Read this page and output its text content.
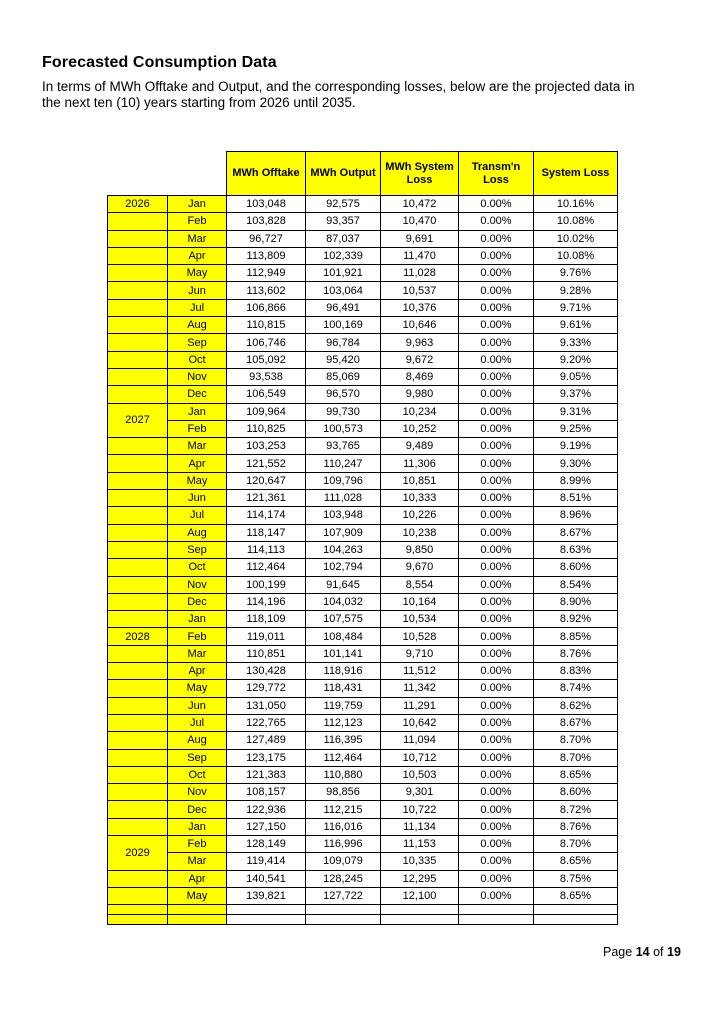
Forecasted Consumption Data

In terms of MWh Offtake and Output, and the corresponding losses, below are the projected data in
the next ten (10) years starting from 2026 until 2035.

		MWh Offtake	MWh Output	MWh System Loss	Transm'n Loss	System Loss
2026	Jan	103,048	92,575	10,472	0.00%	10.16%
	Feb	103,828	93,357	10,470	0.00%	10.08%
	Mar	96,727	87,037	9,691	0.00%	10.02%
	Apr	113,809	102,339	11,470	0.00%	10.08%
	May	112,949	101,921	11,028	0.00%	9.76%
	Jun	113,602	103,064	10,537	0.00%	9.28%
	Jul	106,866	96,491	10,376	0.00%	9.71%
	Aug	110,815	100,169	10,646	0.00%	9.61%
	Sep	106,746	96,784	9,963	0.00%	9.33%
	Oct	105,092	95,420	9,672	0.00%	9.20%
	Nov	93,538	85,069	8,469	0.00%	9.05%
	Dec	106,549	96,570	9,980	0.00%	9.37%
2027	Jan	109,964	99,730	10,234	0.00%	9.31%
	Feb	110,825	100,573	10,252	0.00%	9.25%
	Mar	103,253	93,765	9,489	0.00%	9.19%
	Apr	121,552	110,247	11,306	0.00%	9.30%
	May	120,647	109,796	10,851	0.00%	8.99%
	Jun	121,361	111,028	10,333	0.00%	8.51%
	Jul	114,174	103,948	10,226	0.00%	8.96%
	Aug	118,147	107,909	10,238	0.00%	8.67%
	Sep	114,113	104,263	9,850	0.00%	8.63%
	Oct	112,464	102,794	9,670	0.00%	8.60%
	Nov	100,199	91,645	8,554	0.00%	8.54%
	Dec	114,196	104,032	10,164	0.00%	8.90%
	Jan	118,109	107,575	10,534	0.00%	8.92%
2028	Feb	119,011	108,484	10,528	0.00%	8.85%
	Mar	110,851	101,141	9,710	0.00%	8.76%
	Apr	130,428	118,916	11,512	0.00%	8.83%
	May	129,772	118,431	11,342	0.00%	8.74%
	Jun	131,050	119,759	11,291	0.00%	8.62%
	Jul	122,765	112,123	10,642	0.00%	8.67%
	Aug	127,489	116,395	11,094	0.00%	8.70%
	Sep	123,175	112,464	10,712	0.00%	8.70%
	Oct	121,383	110,880	10,503	0.00%	8.65%
	Nov	108,157	98,856	9,301	0.00%	8.60%
	Dec	122,936	112,215	10,722	0.00%	8.72%
	Jan	127,150	116,016	11,134	0.00%	8.76%
2029	Feb	128,149	116,996	11,153	0.00%	8.70%
	Mar	119,414	109,079	10,335	0.00%	8.65%
	Apr	140,541	128,245	12,295	0.00%	8.75%
	May	139,821	127,722	12,100	0.00%	8.65%

Page 14 of 19
